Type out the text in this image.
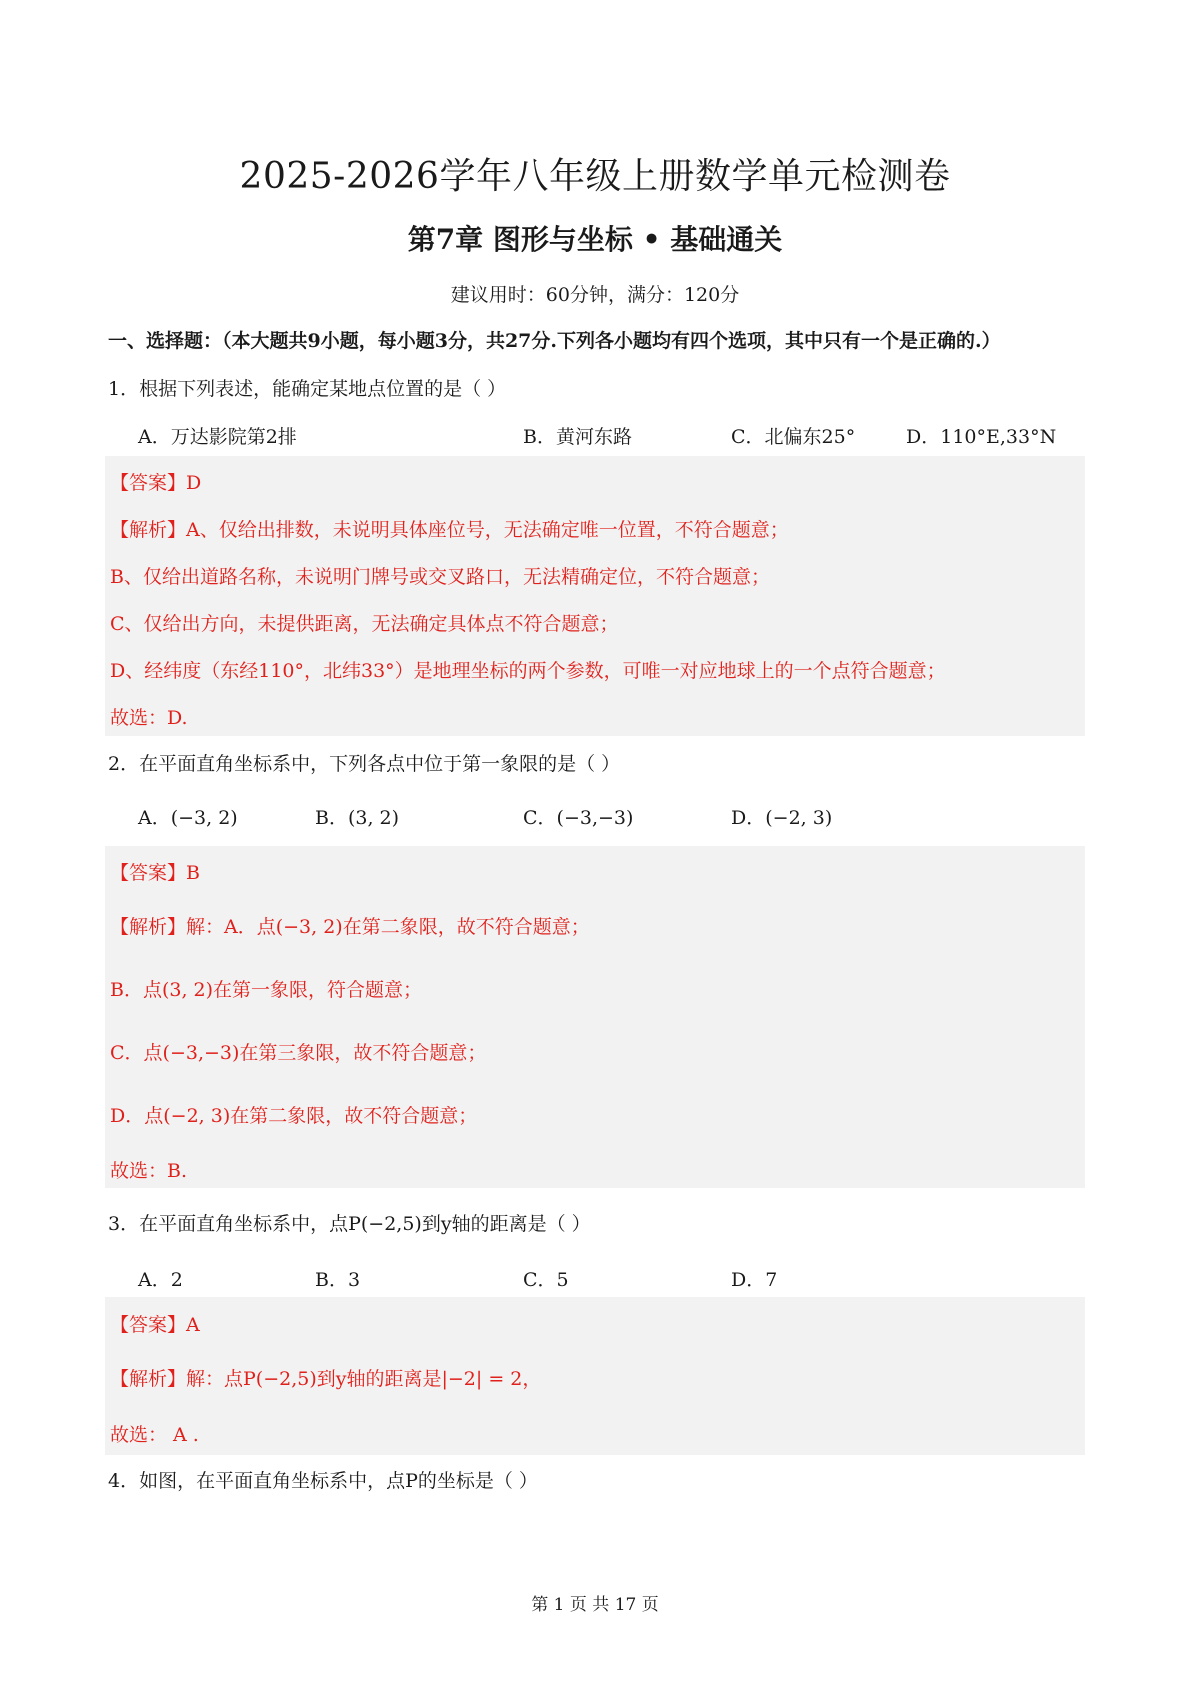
2025-2026学年八年级上册数学单元检测卷
第7章 图形与坐标 • 基础通关
建议用时：60分钟，满分：120分
一、选择题：（本大题共9小题，每小题3分，共27分.下列各小题均有四个选项，其中只有一个是正确的.）
1．根据下列表述，能确定某地点位置的是（ ）
A．万达影院第2排	B．黄河东路	C．北偏东25°	D．110°E,33°N
【答案】D
【解析】A、仅给出排数，未说明具体座位号，无法确定唯一位置，不符合题意；
B、仅给出道路名称，未说明门牌号或交叉路口，无法精确定位，不符合题意；
C、仅给出方向，未提供距离，无法确定具体点不符合题意；
D、经纬度（东经110°，北纬33°）是地理坐标的两个参数，可唯一对应地球上的一个点符合题意；
故选：D.
2．在平面直角坐标系中，下列各点中位于第一象限的是（ ）
A．(−3, 2)	B．(3, 2)	C．(−3,−3)	D．(−2, 3)
【答案】B
【解析】解：A．点(−3, 2)在第二象限，故不符合题意；
B．点(3, 2)在第一象限，符合题意；
C．点(−3,−3)在第三象限，故不符合题意；
D．点(−2, 3)在第二象限，故不符合题意；
故选：B.
3．在平面直角坐标系中，点P(−2,5)到y轴的距离是（ ）
A．2	B．3	C．5	D．7
【答案】A
【解析】解：点P(−2,5)到y轴的距离是|−2| = 2，
故选： A .
4．如图，在平面直角坐标系中，点P的坐标是（ ）
第 1 页 共 17 页
